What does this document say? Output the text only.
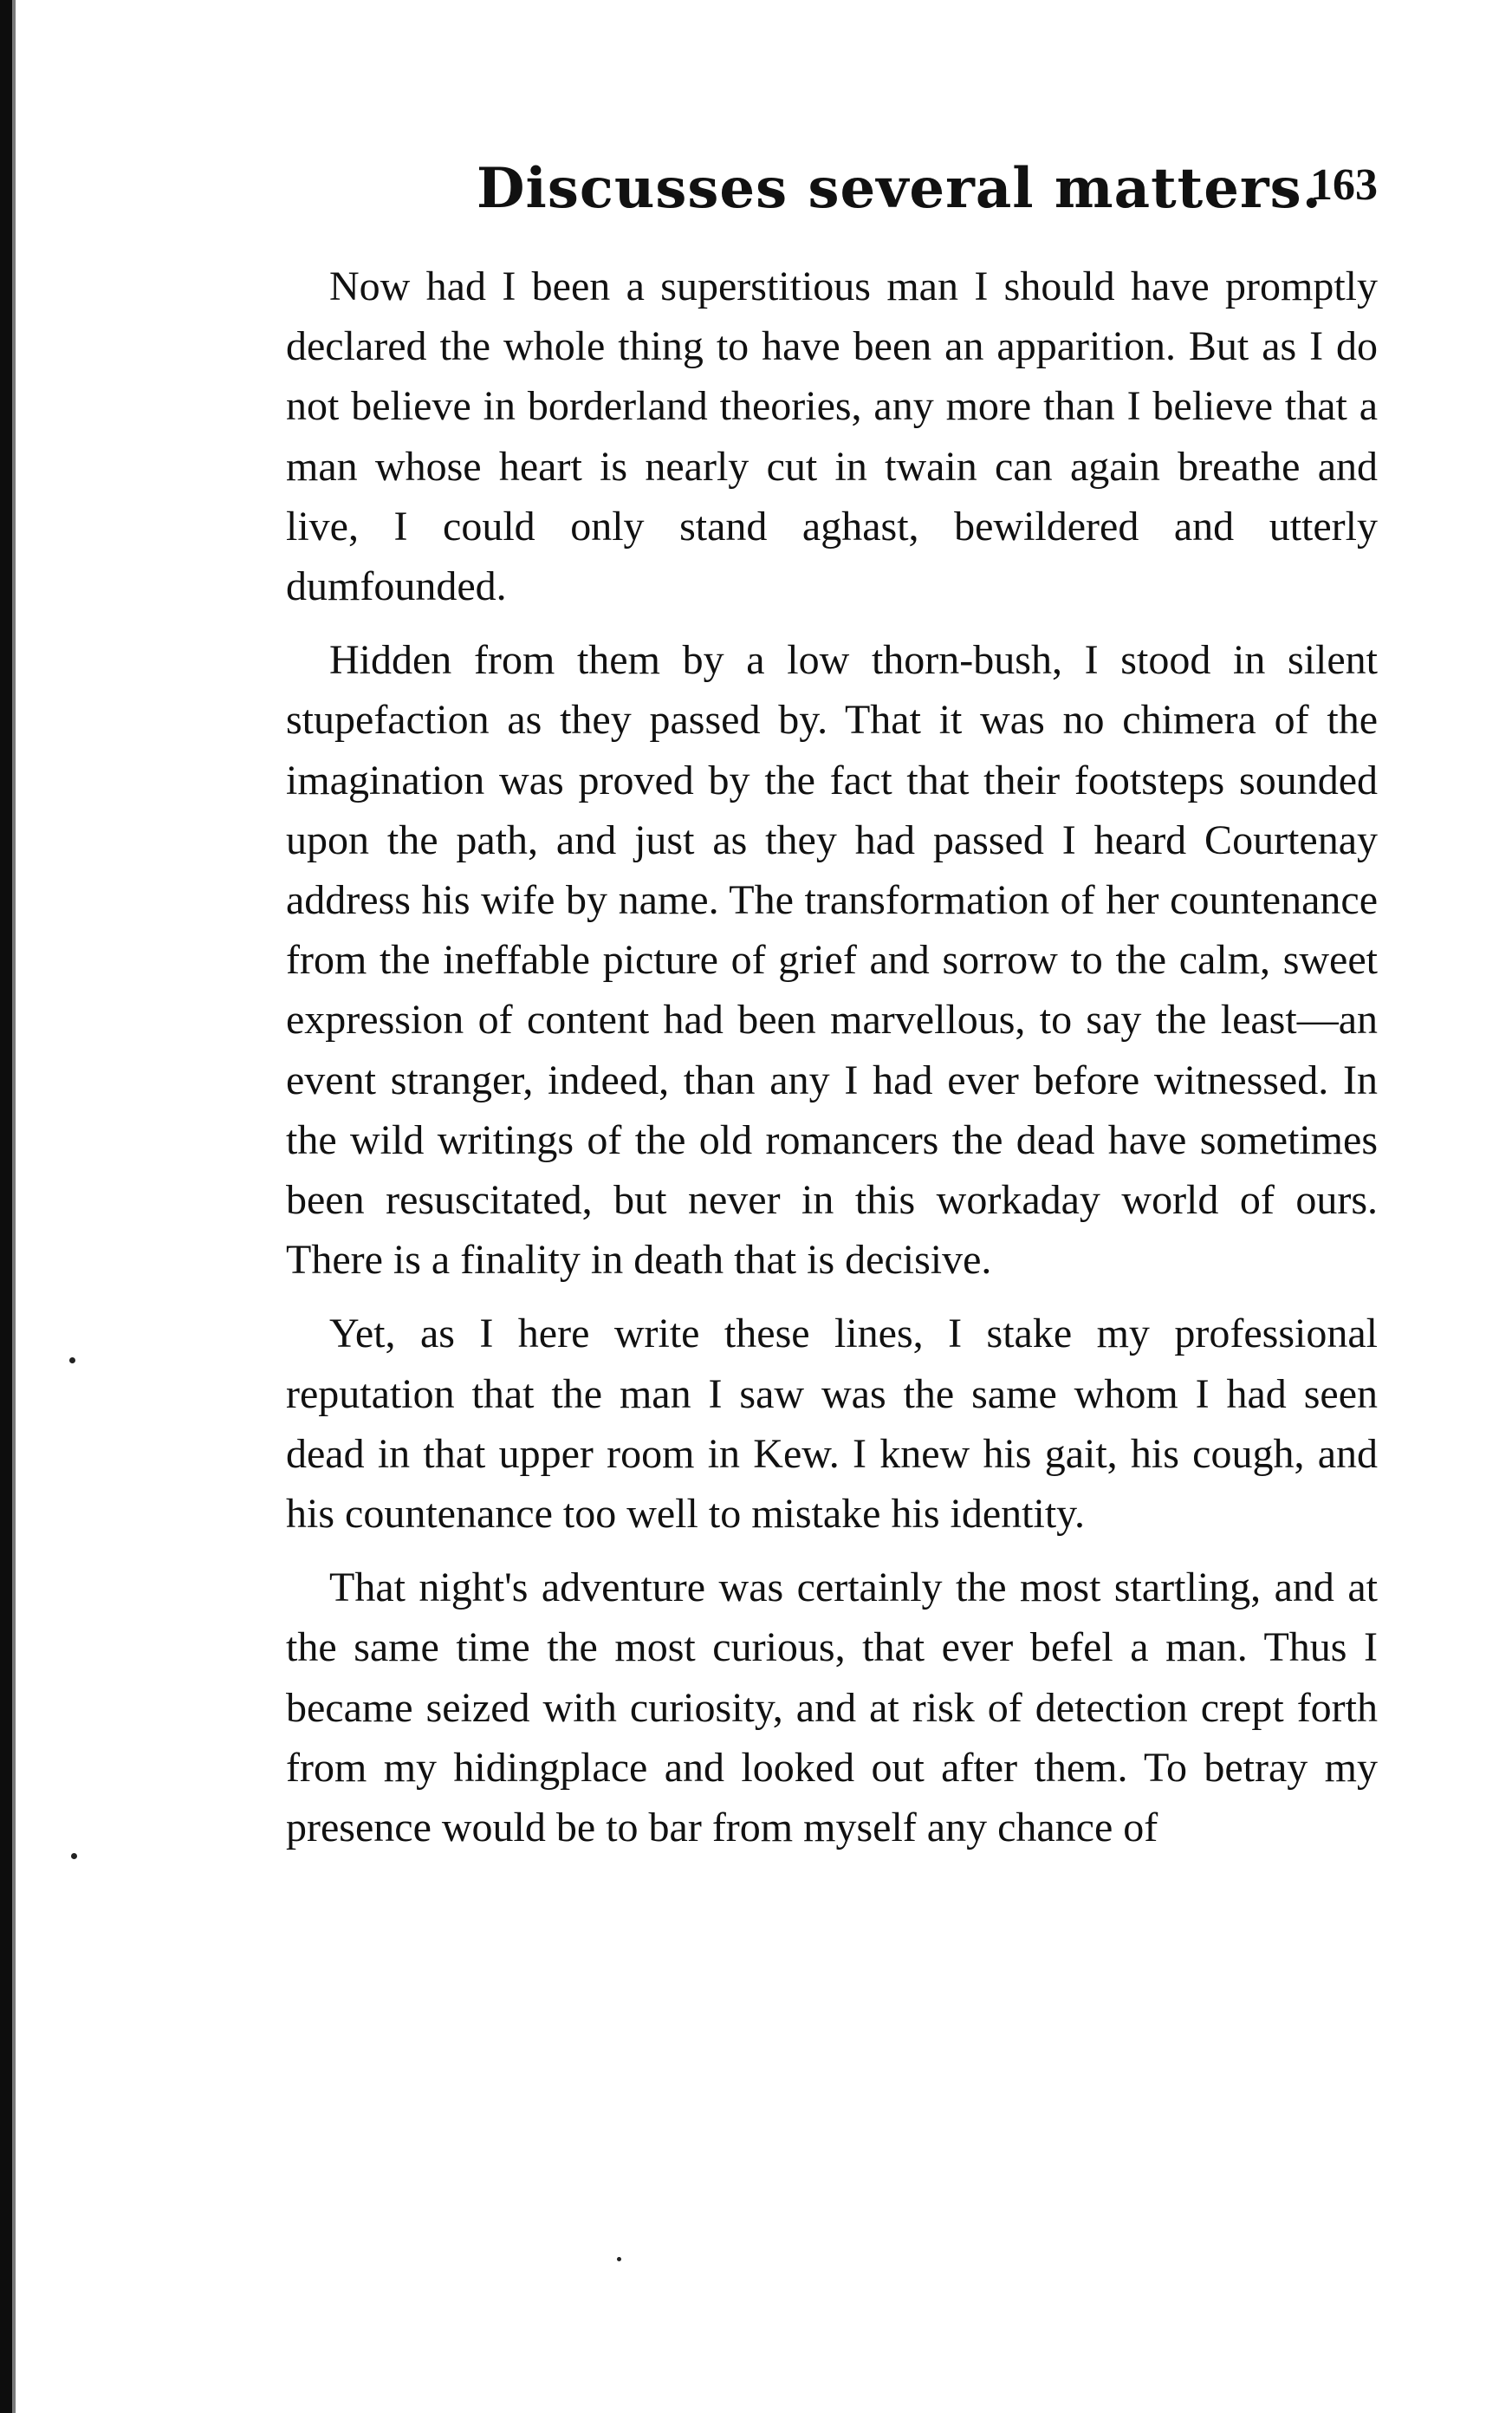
Discusses several matters.
163

Now had I been a superstitious man I should have promptly declared the whole thing to have been an apparition. But as I do not believe in borderland theories, any more than I believe that a man whose heart is nearly cut in twain can again breathe and live, I could only stand aghast, bewildered and utterly dumfounded.

Hidden from them by a low thorn-bush, I stood in silent stupefaction as they passed by. That it was no chimera of the imagination was proved by the fact that their footsteps sounded upon the path, and just as they had passed I heard Courtenay address his wife by name. The transformation of her countenance from the ineffable picture of grief and sorrow to the calm, sweet expression of content had been marvellous, to say the least—an event stranger, indeed, than any I had ever before witnessed. In the wild writings of the old romancers the dead have sometimes been resuscitated, but never in this workaday world of ours. There is a finality in death that is decisive.

Yet, as I here write these lines, I stake my professional reputation that the man I saw was the same whom I had seen dead in that upper room in Kew. I knew his gait, his cough, and his countenance too well to mistake his identity.

That night's adventure was certainly the most startling, and at the same time the most curious, that ever befel a man. Thus I became seized with curiosity, and at risk of detection crept forth from my hidingplace and looked out after them. To betray my presence would be to bar from myself any chance of
